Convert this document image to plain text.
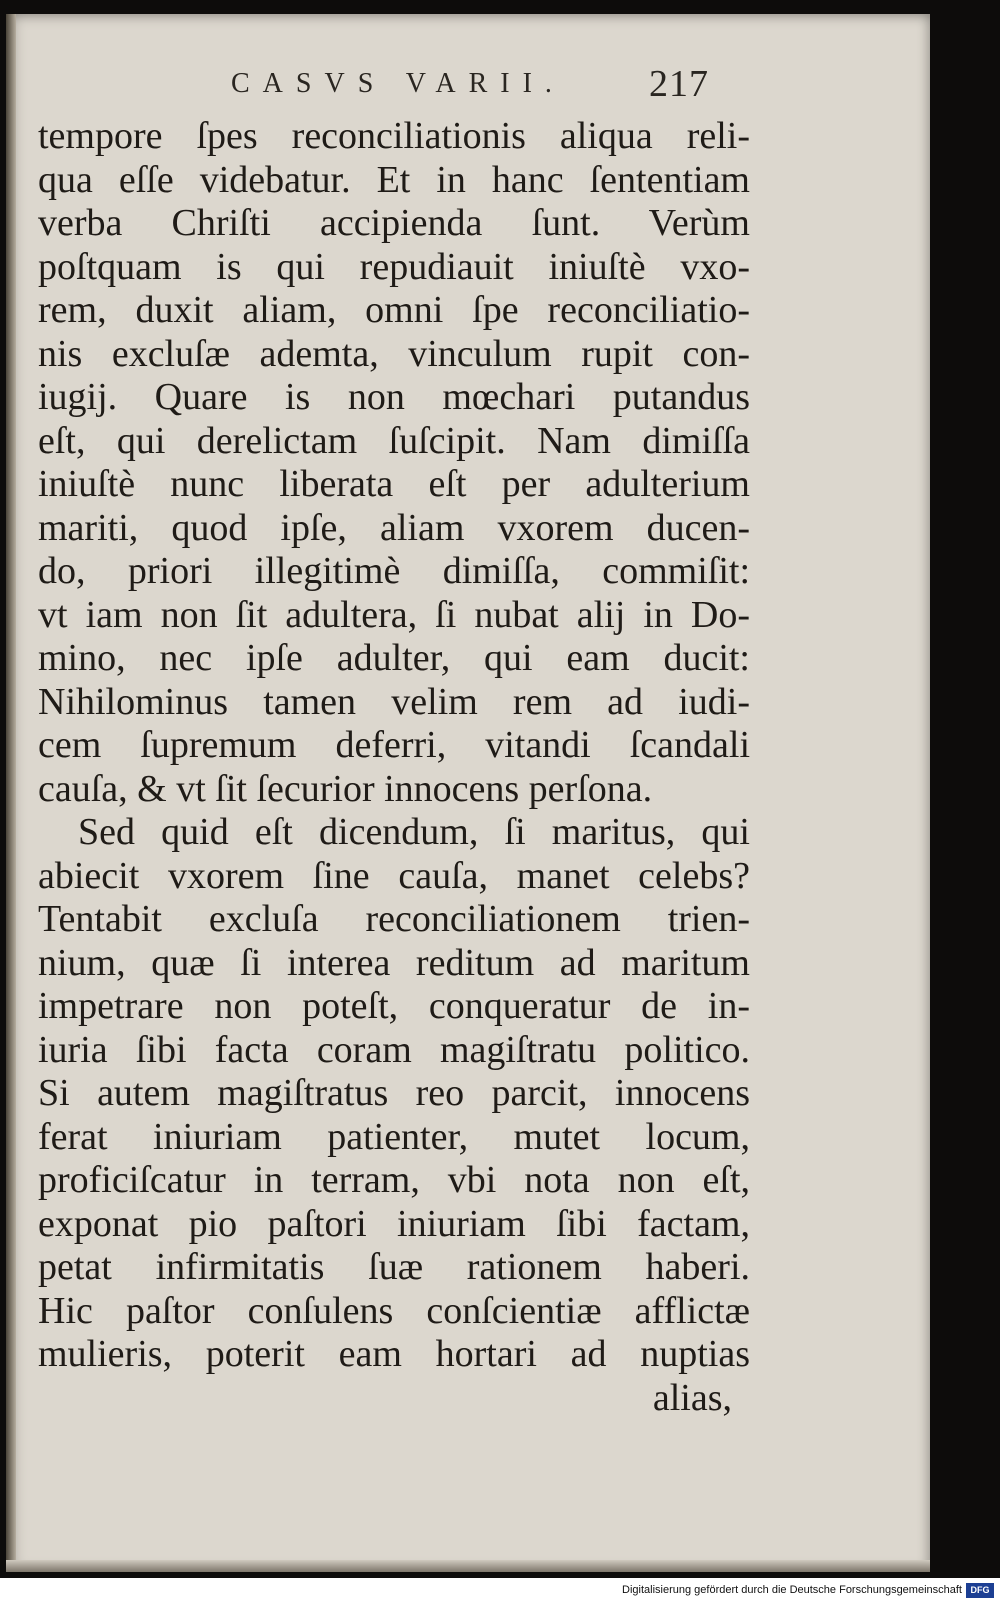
CASVS VARII. 217
tempore ſpes reconciliationis aliqua reli-
qua eſſe videbatur. Et in hanc ſententiam
verba Chriſti accipienda ſunt. Verùm
poſtquam is qui repudiauit iniuſtè vxo-
rem, duxit aliam, omni ſpe reconciliatio-
nis excluſæ ademta, vinculum rupit con-
iugij. Quare is non mœchari putandus
eſt, qui derelictam ſuſcipit. Nam dimiſſa
iniuſtè nunc liberata eſt per adulterium
mariti, quod ipſe, aliam vxorem ducen-
do, priori illegitimè dimiſſa, commiſit:
vt iam non ſit adultera, ſi nubat alij in Do-
mino, nec ipſe adulter, qui eam ducit:
Nihilominus tamen velim rem ad iudi-
cem ſupremum deferri, vitandi ſcandali
cauſa, & vt ſit ſecurior innocens perſona.
Sed quid eſt dicendum, ſi maritus, qui
abiecit vxorem ſine cauſa, manet celebs?
Tentabit excluſa reconciliationem trien-
nium, quæ ſi interea reditum ad maritum
impetrare non poteſt, conqueratur de in-
iuria ſibi facta coram magiſtratu politico.
Si autem magiſtratus reo parcit, innocens
ferat iniuriam patienter, mutet locum,
proficiſcatur in terram, vbi nota non eſt,
exponat pio paſtori iniuriam ſibi factam,
petat infirmitatis ſuæ rationem haberi.
Hic paſtor conſulens conſcientiæ afflictæ
mulieris, poterit eam hortari ad nuptias
alias,
Digitalisierung gefördert durch die Deutsche Forschungsgemeinschaft DFG
